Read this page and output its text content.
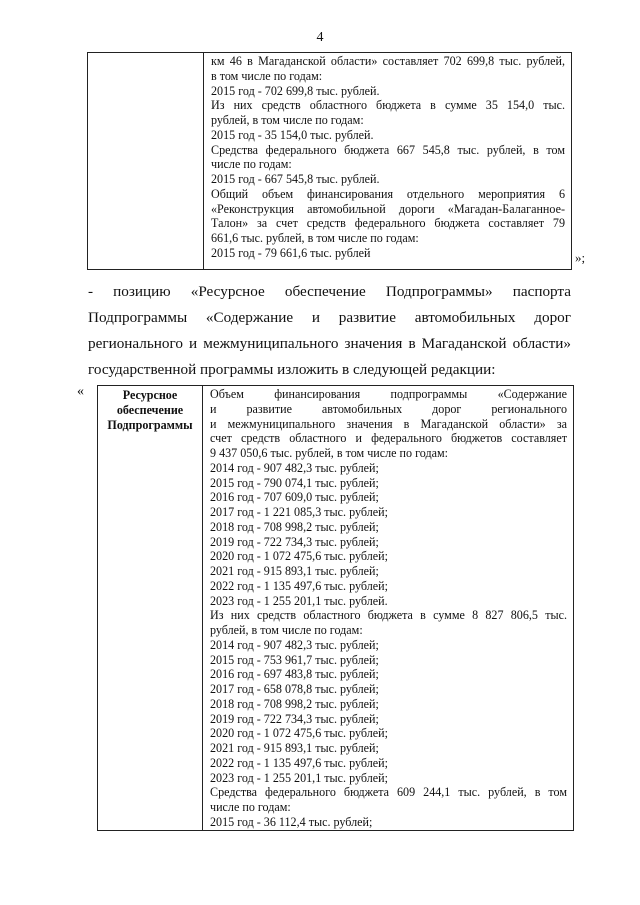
4

км 46 в Магаданской области» составляет 702 699,8 тыс. рублей,
в том числе по годам:
2015 год - 702 699,8 тыс. рублей.
Из них средств областного бюджета в сумме 35 154,0 тыс.
рублей, в том числе по годам:
2015 год - 35 154,0 тыс. рублей.
Средства федерального бюджета 667 545,8 тыс. рублей, в том
числе по годам:
2015 год - 667 545,8 тыс. рублей.
Общий объем финансирования отдельного мероприятия 6
«Реконструкция автомобильной дороги «Магадан-Балаганное-
Талон» за счет средств федерального бюджета составляет 79
661,6 тыс. рублей, в том числе по годам:
2015 год - 79 661,6 тыс. рублей	»;
- позицию «Ресурсное обеспечение Подпрограммы» паспорта
Подпрограммы «Содержание и развитие автомобильных дорог
регионального и межмуниципального значения в Магаданской области»
государственной программы изложить в следующей редакции:
«	Ресурсное
обеспечение
Подпрограммы

Объем финансирования подпрограммы «Содержание
и развитие автомобильных дорог регионального
и межмуниципального значения в Магаданской области» за
счет средств областного и федерального бюджетов составляет
9 437 050,6 тыс. рублей, в том числе по годам:
2014 год - 907 482,3 тыс. рублей;
2015 год - 790 074,1 тыс. рублей;
2016 год - 707 609,0 тыс. рублей;
2017 год - 1 221 085,3 тыс. рублей;
2018 год - 708 998,2 тыс. рублей;
2019 год - 722 734,3 тыс. рублей;
2020 год - 1 072 475,6 тыс. рублей;
2021 год - 915 893,1 тыс. рублей;
2022 год - 1 135 497,6 тыс. рублей;
2023 год - 1 255 201,1 тыс. рублей.
Из них средств областного бюджета в сумме 8 827 806,5 тыс.
рублей, в том числе по годам:
2014 год - 907 482,3 тыс. рублей;
2015 год - 753 961,7 тыс. рублей;
2016 год - 697 483,8 тыс. рублей;
2017 год - 658 078,8 тыс. рублей;
2018 год - 708 998,2 тыс. рублей;
2019 год - 722 734,3 тыс. рублей;
2020 год - 1 072 475,6 тыс. рублей;
2021 год - 915 893,1 тыс. рублей;
2022 год - 1 135 497,6 тыс. рублей;
2023 год - 1 255 201,1 тыс. рублей;
Средства федерального бюджета 609 244,1 тыс. рублей, в том
числе по годам:
2015 год - 36 112,4 тыс. рублей;
